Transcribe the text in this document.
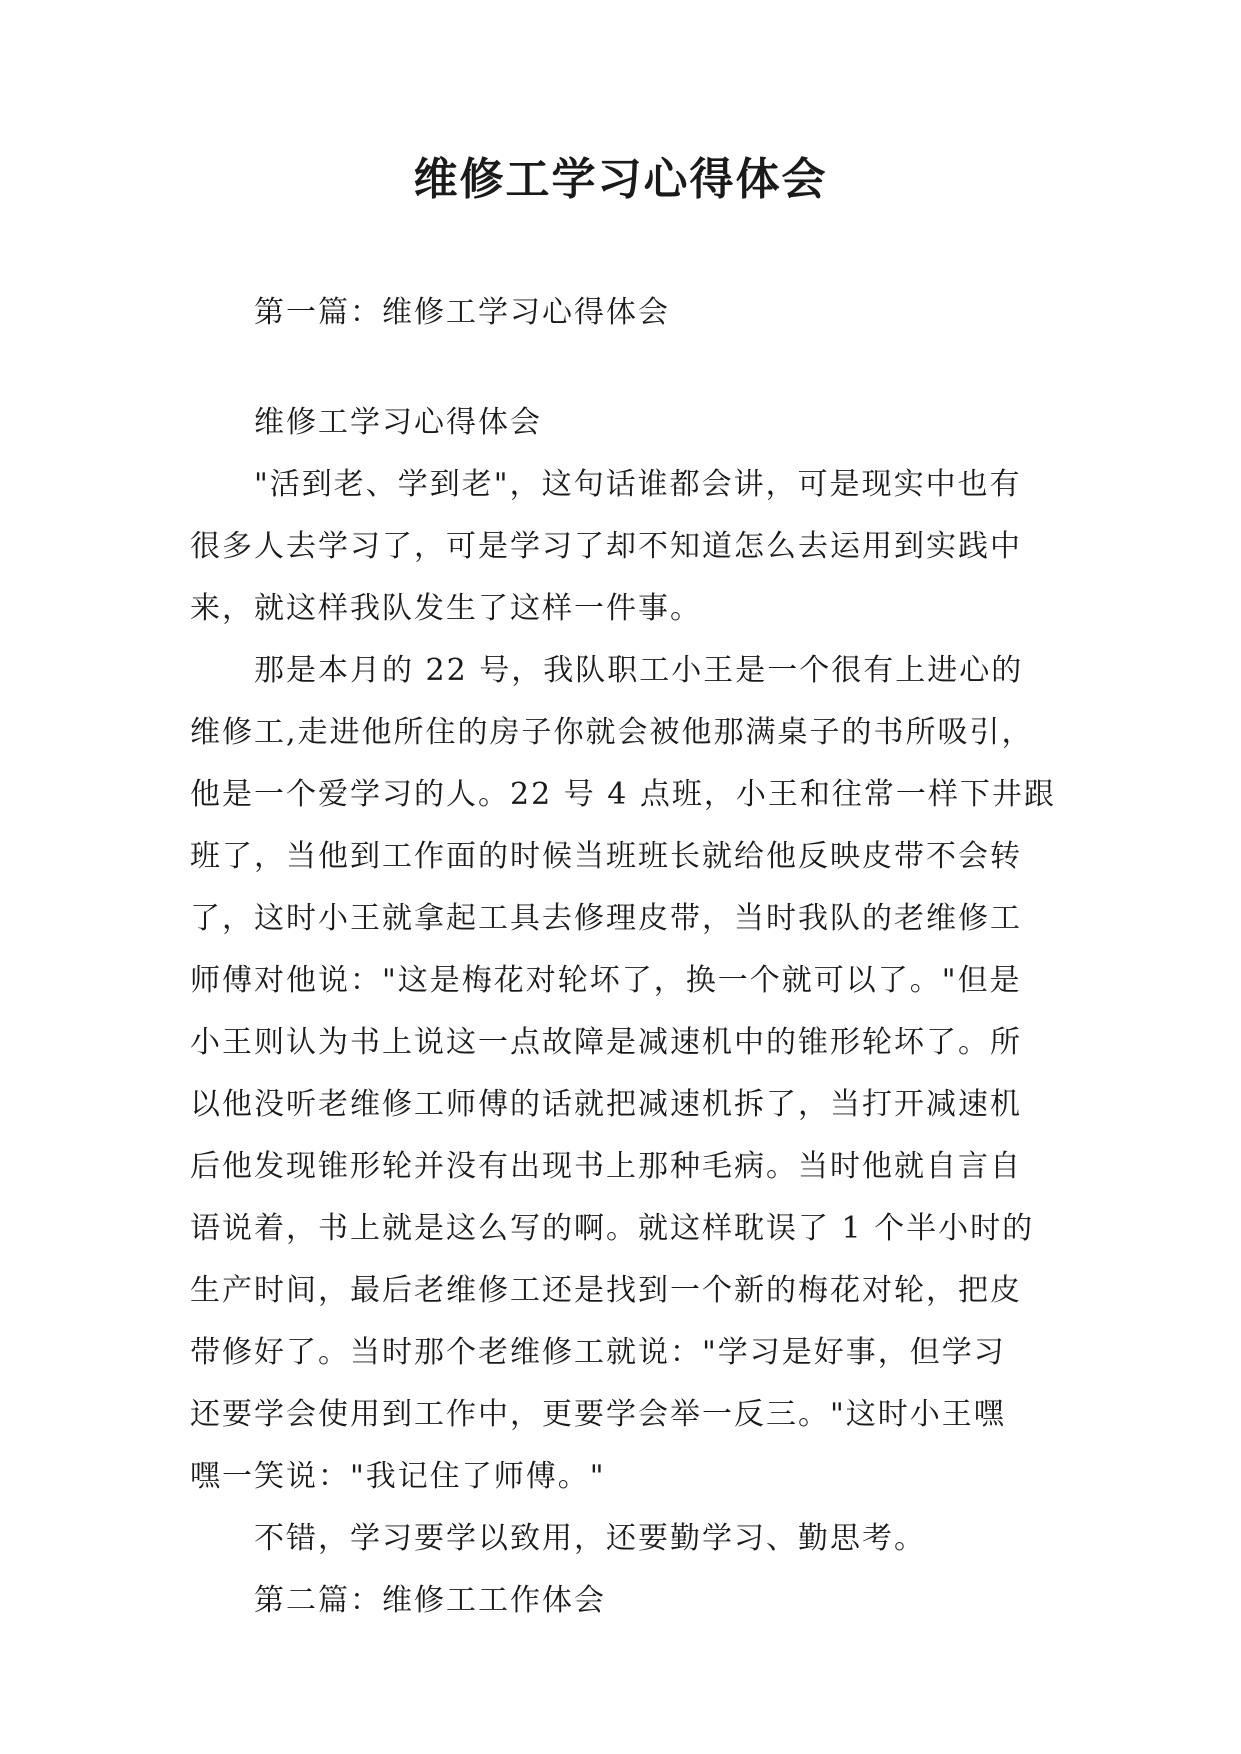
维修工学习心得体会
第一篇：维修工学习心得体会
维修工学习心得体会
"活到老、学到老"，这句话谁都会讲，可是现实中也有
很多人去学习了，可是学习了却不知道怎么去运用到实践中
来，就这样我队发生了这样一件事。
那是本月的 22 号，我队职工小王是一个很有上进心的
维修工,走进他所住的房子你就会被他那满桌子的书所吸引，
他是一个爱学习的人。22 号 4 点班，小王和往常一样下井跟
班了，当他到工作面的时候当班班长就给他反映皮带不会转
了，这时小王就拿起工具去修理皮带，当时我队的老维修工
师傅对他说："这是梅花对轮坏了，换一个就可以了。"但是
小王则认为书上说这一点故障是减速机中的锥形轮坏了。所
以他没听老维修工师傅的话就把减速机拆了，当打开减速机
后他发现锥形轮并没有出现书上那种毛病。当时他就自言自
语说着，书上就是这么写的啊。就这样耽误了 1 个半小时的
生产时间，最后老维修工还是找到一个新的梅花对轮，把皮
带修好了。当时那个老维修工就说："学习是好事，但学习
还要学会使用到工作中，更要学会举一反三。"这时小王嘿
嘿一笑说："我记住了师傅。"
不错，学习要学以致用，还要勤学习、勤思考。
第二篇：维修工工作体会
